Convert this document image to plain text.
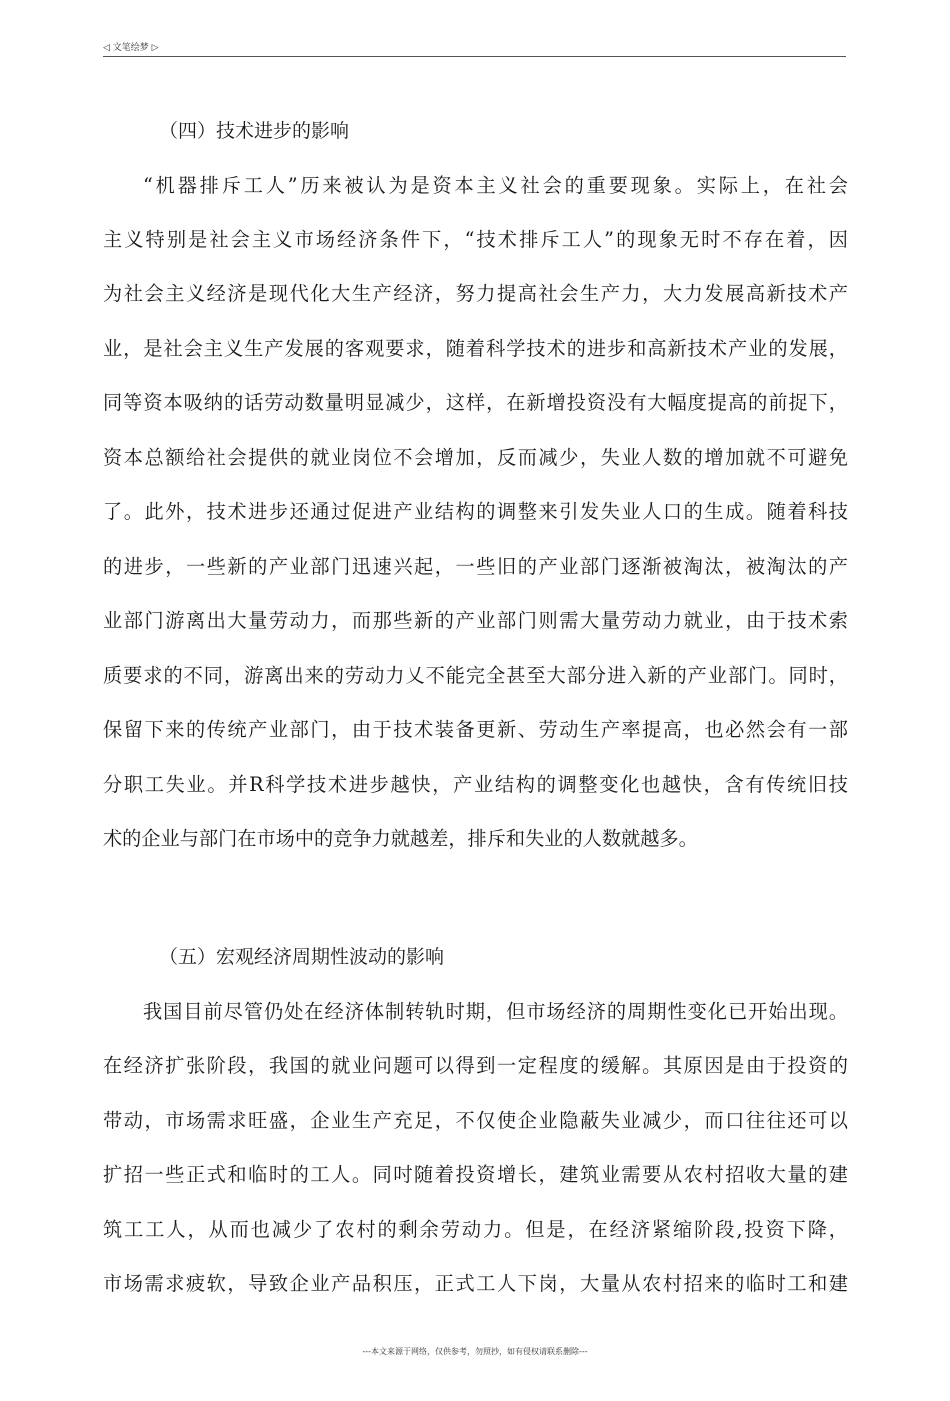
◁ 文笔绘梦 ▷
（四）技术进步的影响
“机器排斥工人”历来被认为是资本主义社会的重要现象。实际上，在社会
主义特别是社会主义市场经济条件下，“技术排斥工人”的现象无时不存在着，因
为社会主义经济是现代化大生产经济，努力提高社会生产力，大力发展高新技术产
业，是社会主义生产发展的客观要求，随着科学技术的进步和高新技术产业的发展，
同等资本吸纳的话劳动数量明显减少，这样，在新增投资没有大幅度提高的前捉下，
资本总额给社会提供的就业岗位不会增加，反而减少，失业人数的增加就不可避免
了。此外，技术进步还通过促进产业结构的调整来引发失业人口的生成。随着科技
的进步，一些新的产业部门迅速兴起，一些旧的产业部门逐渐被淘汰，被淘汰的产
业部门游离出大量劳动力，而那些新的产业部门则需大量劳动力就业，由于技术索
质要求的不同，游离出来的劳动力乂不能完全甚至大部分进入新的产业部门。同时，
保留下来的传统产业部门，由于技术装备更新、劳动生产率提高，也必然会有一部
分职工失业。并R科学技术进步越快，产业结构的调整变化也越快，含有传统旧技
术的企业与部门在市场中的竞争力就越差，排斥和失业的人数就越多。
（五）宏观经济周期性波动的影响
我国目前尽管仍处在经济体制转轨时期，但市场经济的周期性变化已开始出现。
在经济扩张阶段，我国的就业问题可以得到一定程度的缓解。其原因是由于投资的
带动，市场需求旺盛，企业生产充足，不仅使企业隐蔽失业减少，而口往往还可以
扩招一些正式和临时的工人。同吋随着投资增长，建筑业需要从农村招收大量的建
筑工工人，从而也减少了农村的剩余劳动力。但是，在经济紧缩阶段,投资下降，
市场需求疲软，导致企业产品积压，正式工人下岗，大量从农村招来的临时工和建
---本文来源于网络，仅供参考，勿照抄，如有侵权请联系删除---
